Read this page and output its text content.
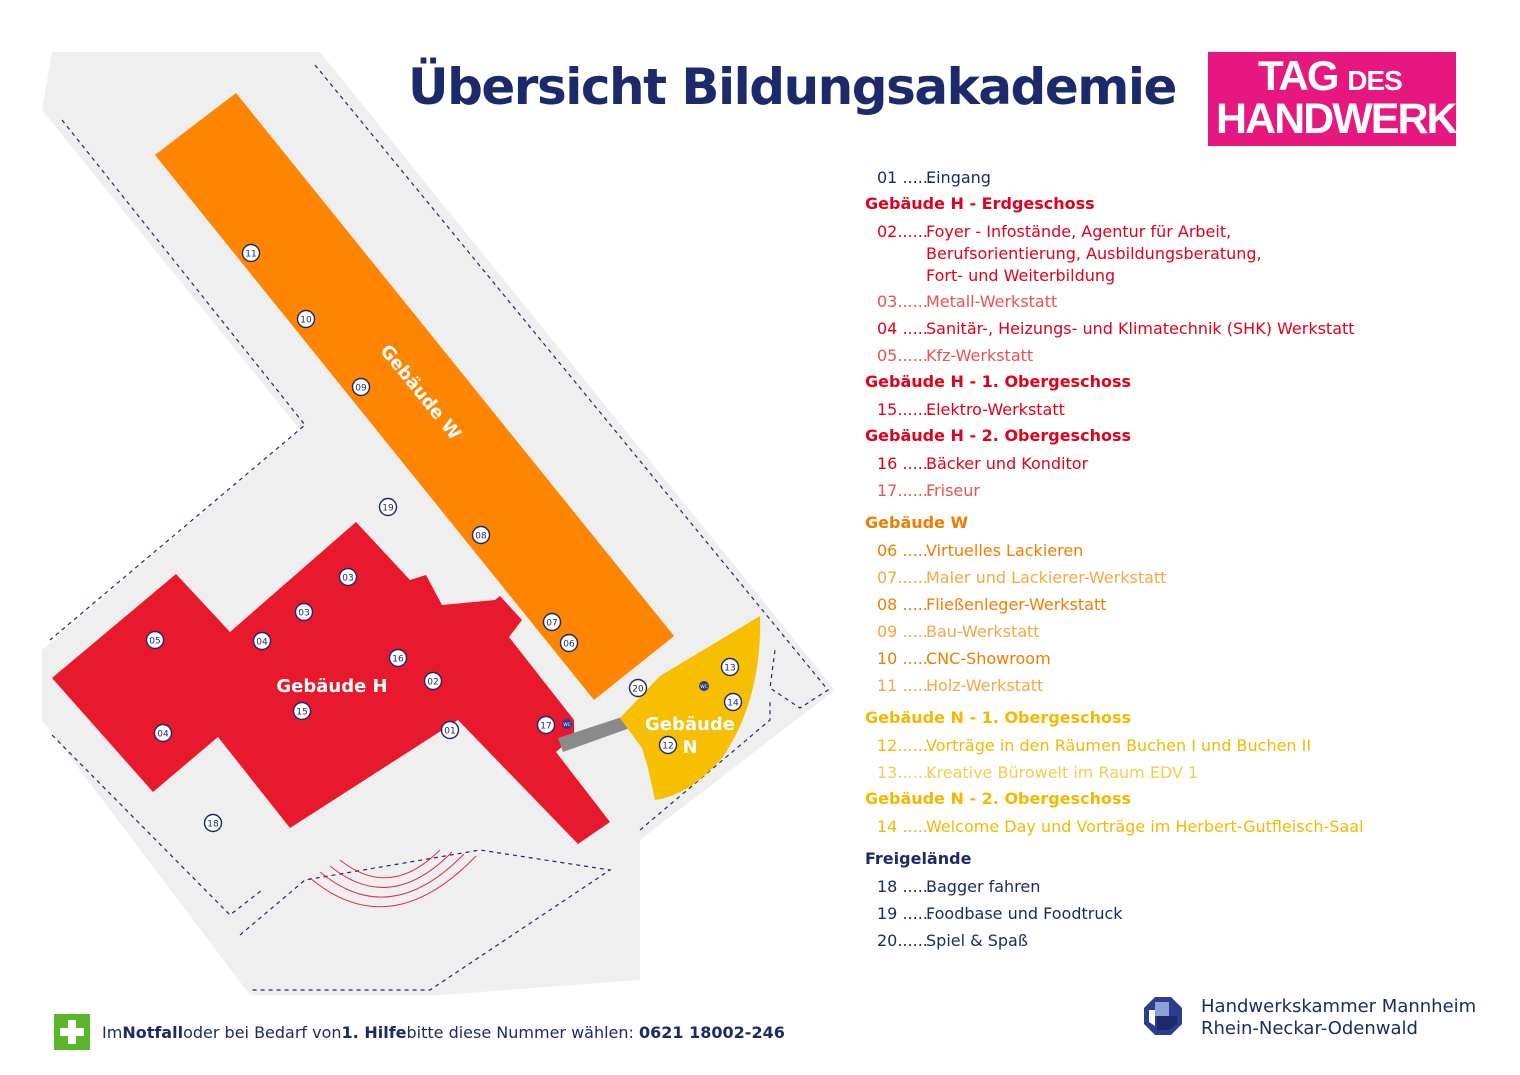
Gebäude H
Gebäude W
Gebäude
N
01
02
03
03
04
04
05	06
07
08
09
10
11
12
13
14
15
16
17
18
19
20
WC
WC
Übersicht Bildungsakademie TAG DES
HANDWERKS
01 ......Eingang
Gebäude H - Erdgeschoss
02......Foyer - Infostände, Agentur für Arbeit,
Berufsorientierung, Ausbildungsberatung,
Fort- und Weiterbildung
03......Metall-Werkstatt
04 .....Sanitär-, Heizungs- und Klimatechnik (SHK) Werkstatt
05......Kfz-Werkstatt
Gebäude H - 1. Obergeschoss
15.......Elektro-Werkstatt
Gebäude H - 2. Obergeschoss
16 ......Bäcker und Konditor
17.......Friseur
Gebäude W
06 .....Virtuelles Lackieren
07......Maler und Lackierer-Werkstatt
08 .....Fließenleger-Werkstatt
09 .....Bau-Werkstatt
10 ......CNC-Showroom
11 .......Holz-Werkstatt
Gebäude N - 1. Obergeschoss
12.......Vorträge in den Räumen Buchen I und Buchen II
13.......Kreative Bürowelt im Raum EDV 1
Gebäude N - 2. Obergeschoss
14 ......Welcome Day und Vorträge im Herbert-Gutfleisch-Saal
Freigelände
18 ......Bagger fahren
19 ......Foodbase und Foodtruck
20......Spiel & Spaß
Im Notfall oder bei Bedarf von 1. Hilfe bitte diese Nummer wählen:
0621 18002-246
Handwerkskammer Mannheim
Rhein-Neckar-Odenwald
